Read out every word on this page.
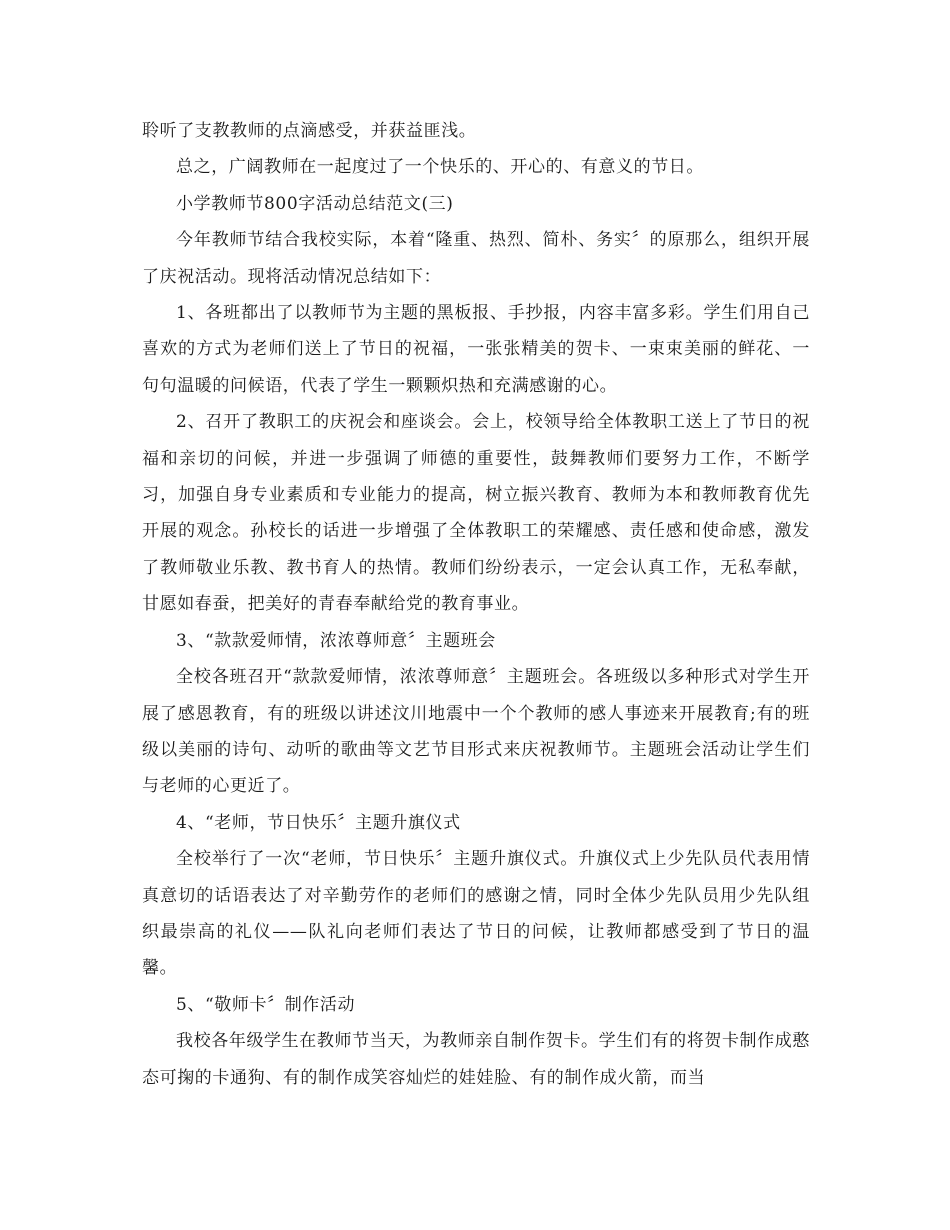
聆听了支教教师的点滴感受，并获益匪浅。

总之，广阔教师在一起度过了一个快乐的、开心的、有意义的节日。

小学教师节800字活动总结范文(三)

今年教师节结合我校实际，本着“隆重、热烈、简朴、务实〞的原那么，组织开展了庆祝活动。现将活动情况总结如下：

1、各班都出了以教师节为主题的黑板报、手抄报，内容丰富多彩。学生们用自己喜欢的方式为老师们送上了节日的祝福，一张张精美的贺卡、一束束美丽的鲜花、一句句温暖的问候语，代表了学生一颗颗炽热和充满感谢的心。

2、召开了教职工的庆祝会和座谈会。会上，校领导给全体教职工送上了节日的祝福和亲切的问候，并进一步强调了师德的重要性，鼓舞教师们要努力工作，不断学习，加强自身专业素质和专业能力的提高，树立振兴教育、教师为本和教师教育优先开展的观念。孙校长的话进一步增强了全体教职工的荣耀感、责任感和使命感，激发了教师敬业乐教、教书育人的热情。教师们纷纷表示，一定会认真工作，无私奉献，甘愿如春蚕，把美好的青春奉献给党的教育事业。

3、“款款爱师情，浓浓尊师意〞主题班会

全校各班召开“款款爱师情，浓浓尊师意〞主题班会。各班级以多种形式对学生开展了感恩教育，有的班级以讲述汶川地震中一个个教师的感人事迹来开展教育;有的班级以美丽的诗句、动听的歌曲等文艺节目形式来庆祝教师节。主题班会活动让学生们与老师的心更近了。

4、“老师，节日快乐〞主题升旗仪式

全校举行了一次“老师，节日快乐〞主题升旗仪式。升旗仪式上少先队员代表用情真意切的话语表达了对辛勤劳作的老师们的感谢之情，同时全体少先队员用少先队组织最崇高的礼仪——队礼向老师们表达了节日的问候，让教师都感受到了节日的温馨。

5、“敬师卡〞制作活动

我校各年级学生在教师节当天，为教师亲自制作贺卡。学生们有的将贺卡制作成憨态可掬的卡通狗、有的制作成笑容灿烂的娃娃脸、有的制作成火箭，而当
